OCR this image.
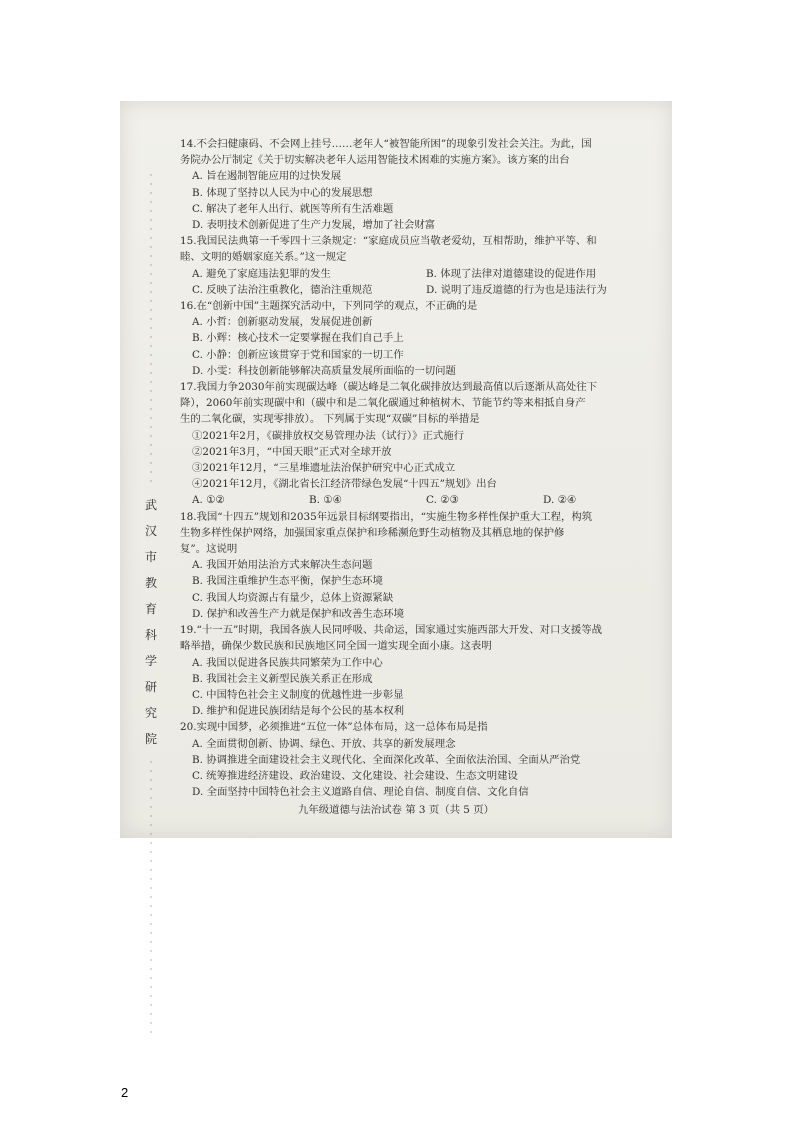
·
·
·
·
·
·
·
·
·
·
·
·
·
·
·
·
·
·
·
·
·
·
·
·
·
·
·
·
·
·
·
·
·
·
·
武
汉
市
教
育
科
学
研
究
院
·
·
·
·
·
·
·
·
·
·
·
·
·
·
·
·
·
·
·
·
·
·
·
·
·
·
·
·
·
·
·

14.不会扫健康码、不会网上挂号……老年人“被智能所困”的现象引发社会关注。为此，国

务院办公厅制定《关于切实解决老年人运用智能技术困难的实施方案》。该方案的出台

A. 旨在遏制智能应用的过快发展

B. 体现了坚持以人民为中心的发展思想

C. 解决了老年人出行、就医等所有生活难题

D. 表明技术创新促进了生产力发展，增加了社会财富

15.我国民法典第一千零四十三条规定：“家庭成员应当敬老爱幼，互相帮助，维护平等、和

睦、文明的婚姻家庭关系。”这一规定

A. 避免了家庭违法犯罪的发生	B. 体现了法律对道德建设的促进作用
C. 反映了法治注重教化，德治注重规范	D. 说明了违反道德的行为也是违法行为

16.在“创新中国”主题探究活动中，下列同学的观点，不正确的是

A. 小哲：创新驱动发展，发展促进创新

B. 小辉：核心技术一定要掌握在我们自己手上

C. 小静：创新应该贯穿于党和国家的一切工作

D. 小雯：科技创新能够解决高质量发展所面临的一切问题

17.我国力争2030年前实现碳达峰（碳达峰是二氧化碳排放达到最高值以后逐渐从高处往下

降），2060年前实现碳中和（碳中和是二氧化碳通过种植树木、节能节约等来相抵自身产

生的二氧化碳，实现零排放）。 下列属于实现“双碳”目标的举措是

①2021年2月，《碳排放权交易管理办法（试行）》正式施行

②2021年3月，“中国天眼”正式对全球开放

③2021年12月，“三星堆遗址法治保护研究中心正式成立

④2021年12月，《湖北省长江经济带绿色发展“十四五”规划》出台

A. ①②	B. ①④	C. ②③	D. ②④

18.我国“十四五”规划和2035年远景目标纲要指出，“实施生物多样性保护重大工程，构筑

生物多样性保护网络，加强国家重点保护和珍稀濒危野生动植物及其栖息地的保护修

复”。这说明

A. 我国开始用法治方式来解决生态问题

B. 我国注重维护生态平衡，保护生态环境

C. 我国人均资源占有量少，总体上资源紧缺

D. 保护和改善生产力就是保护和改善生态环境

19.“十一五”时期，我国各族人民同呼吸、共命运，国家通过实施西部大开发、对口支援等战

略举措，确保少数民族和民族地区同全国一道实现全面小康。这表明

A. 我国以促进各民族共同繁荣为工作中心

B. 我国社会主义新型民族关系正在形成

C. 中国特色社会主义制度的优越性进一步彰显

D. 维护和促进民族团结是每个公民的基本权利

20.实现中国梦，必须推进“五位一体”总体布局，这一总体布局是指

A. 全面贯彻创新、协调、绿色、开放、共享的新发展理念

B. 协调推进全面建设社会主义现代化、全面深化改革、全面依法治国、全面从严治党

C. 统筹推进经济建设、政治建设、文化建设、社会建设、生态文明建设

D. 全面坚持中国特色社会主义道路自信、理论自信、制度自信、文化自信

九年级道德与法治试卷 第 3 页（共 5 页）
2
